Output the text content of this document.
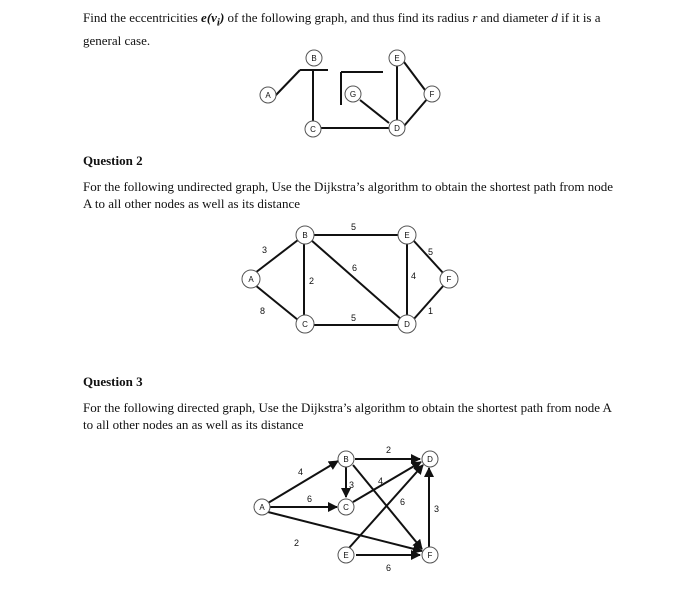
Find the eccentricities $e(v_i)$ of the following graph, and thus find its radius r and diameter d if it is a
general case.

A
B
C	D
E
F
G

Question 2

For the following undirected graph, Use the Dijkstra’s algorithm to obtain the shortest path from node
A to all other nodes as well as its distance

3
8
2
5
6
5
4
5
1
A
B
C	D
E
F

Question 3

For the following directed graph, Use the Dijkstra’s algorithm to obtain the shortest path from node A
to all other nodes an as well as its distance

4
6
2
3
2
4
6
3
6
A
B
C
D
E	F
